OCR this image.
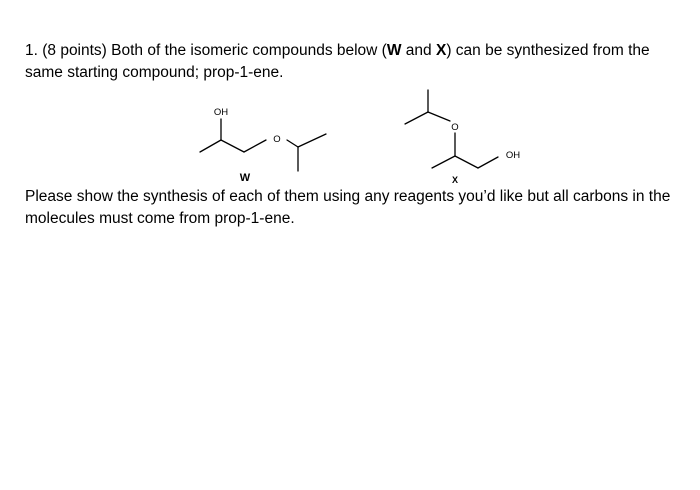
1. (8 points) Both of the isomeric compounds below (W and X) can be synthesized from the
same starting compound; prop-1-ene.
OH
O
W
O
OH
X
Please show the synthesis of each of them using any reagents you’d like but all carbons in the
molecules must come from prop-1-ene.
